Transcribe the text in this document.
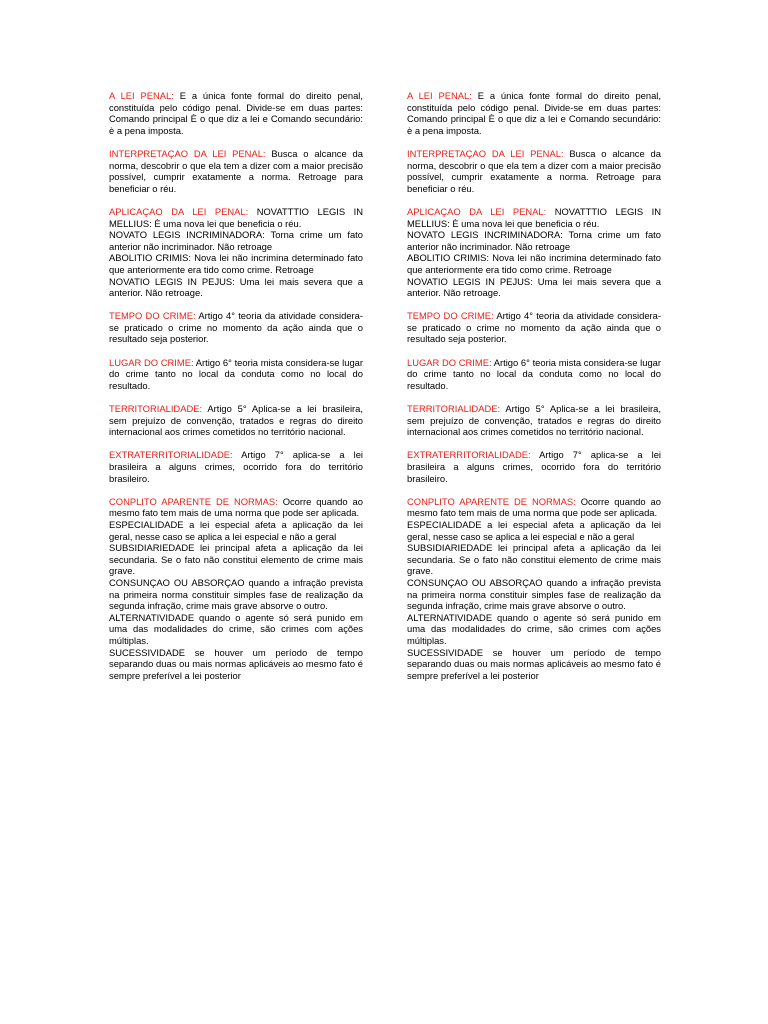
A LEI PENAL: E a única fonte formal do direito penal, constituída pelo código penal. Divide-se em duas partes: Comando principal È o que diz a lei e Comando secundário: è a pena imposta.

INTERPRETAÇAO DA LEI PENAL: Busca o alcance da norma, descobrir o que ela tem a dizer com a maior precisão possível, cumprir exatamente a norma. Retroage para beneficiar o réu.

APLICAÇAO DA LEI PENAL: NOVATTTIO LEGIS IN MELLIUS: È uma nova lei que beneficia o réu.

NOVATO LEGIS INCRIMINADORA: Torna crime um fato anterior não incriminador. Não retroage

ABOLITIO CRIMIS: Nova lei não incrimina determinado fato que anteriormente era tido como crime. Retroage

NOVATIO LEGIS IN PEJUS: Uma lei mais severa que a anterior. Não retroage.

TEMPO DO CRIME: Artigo 4° teoria da atividade considera-se praticado o crime no momento da ação ainda que o resultado seja posterior.

LUGAR DO CRIME: Artigo 6° teoria mista considera-se lugar do crime tanto no local da conduta como no local do resultado.

TERRITORIALIDADE: Artigo 5° Aplica-se a lei brasileira, sem prejuízo de convenção, tratados e regras do direito internacional aos crimes cometidos no território nacional.

EXTRATERRITORIALIDADE: Artigo 7° aplica-se a lei brasileira a alguns crimes, ocorrido fora do território brasileiro.

CONPLITO APARENTE DE NORMAS: Ocorre quando ao mesmo fato tem mais de uma norma que pode ser aplicada.

ESPECIALIDADE a lei especial afeta a aplicação da lei geral, nesse caso se aplica a lei especial e não a geral

SUBSIDIARIEDADE lei principal afeta a aplicação da lei secundaria. Se o fato não constitui elemento de crime mais grave.

CONSUNÇAO OU ABSORÇAO quando a infração prevista na primeira norma constituir simples fase de realização da segunda infração, crime mais grave absorve o outro.

ALTERNATIVIDADE quando o agente só será punido em uma das modalidades do crime, são crimes com ações múltiplas.

SUCESSIVIDADE se houver um período de tempo separando duas ou mais normas aplicáveis ao mesmo fato é sempre preferível a lei posterior

A LEI PENAL: E a única fonte formal do direito penal, constituída pelo código penal. Divide-se em duas partes: Comando principal È o que diz a lei e Comando secundário: è a pena imposta.

INTERPRETAÇAO DA LEI PENAL: Busca o alcance da norma, descobrir o que ela tem a dizer com a maior precisão possível, cumprir exatamente a norma. Retroage para beneficiar o réu.

APLICAÇAO DA LEI PENAL: NOVATTTIO LEGIS IN MELLIUS: È uma nova lei que beneficia o réu.

NOVATO LEGIS INCRIMINADORA: Torna crime um fato anterior não incriminador. Não retroage

ABOLITIO CRIMIS: Nova lei não incrimina determinado fato que anteriormente era tido como crime. Retroage

NOVATIO LEGIS IN PEJUS: Uma lei mais severa que a anterior. Não retroage.

TEMPO DO CRIME: Artigo 4° teoria da atividade considera-se praticado o crime no momento da ação ainda que o resultado seja posterior.

LUGAR DO CRIME: Artigo 6° teoria mista considera-se lugar do crime tanto no local da conduta como no local do resultado.

TERRITORIALIDADE: Artigo 5° Aplica-se a lei brasileira, sem prejuízo de convenção, tratados e regras do direito internacional aos crimes cometidos no território nacional.

EXTRATERRITORIALIDADE: Artigo 7° aplica-se a lei brasileira a alguns crimes, ocorrido fora do território brasileiro.

CONPLITO APARENTE DE NORMAS: Ocorre quando ao mesmo fato tem mais de uma norma que pode ser aplicada.

ESPECIALIDADE a lei especial afeta a aplicação da lei geral, nesse caso se aplica a lei especial e não a geral

SUBSIDIARIEDADE lei principal afeta a aplicação da lei secundaria. Se o fato não constitui elemento de crime mais grave.

CONSUNÇAO OU ABSORÇAO quando a infração prevista na primeira norma constituir simples fase de realização da segunda infração, crime mais grave absorve o outro.

ALTERNATIVIDADE quando o agente só será punido em uma das modalidades do crime, são crimes com ações múltiplas.

SUCESSIVIDADE se houver um período de tempo separando duas ou mais normas aplicáveis ao mesmo fato é sempre preferível a lei posterior
